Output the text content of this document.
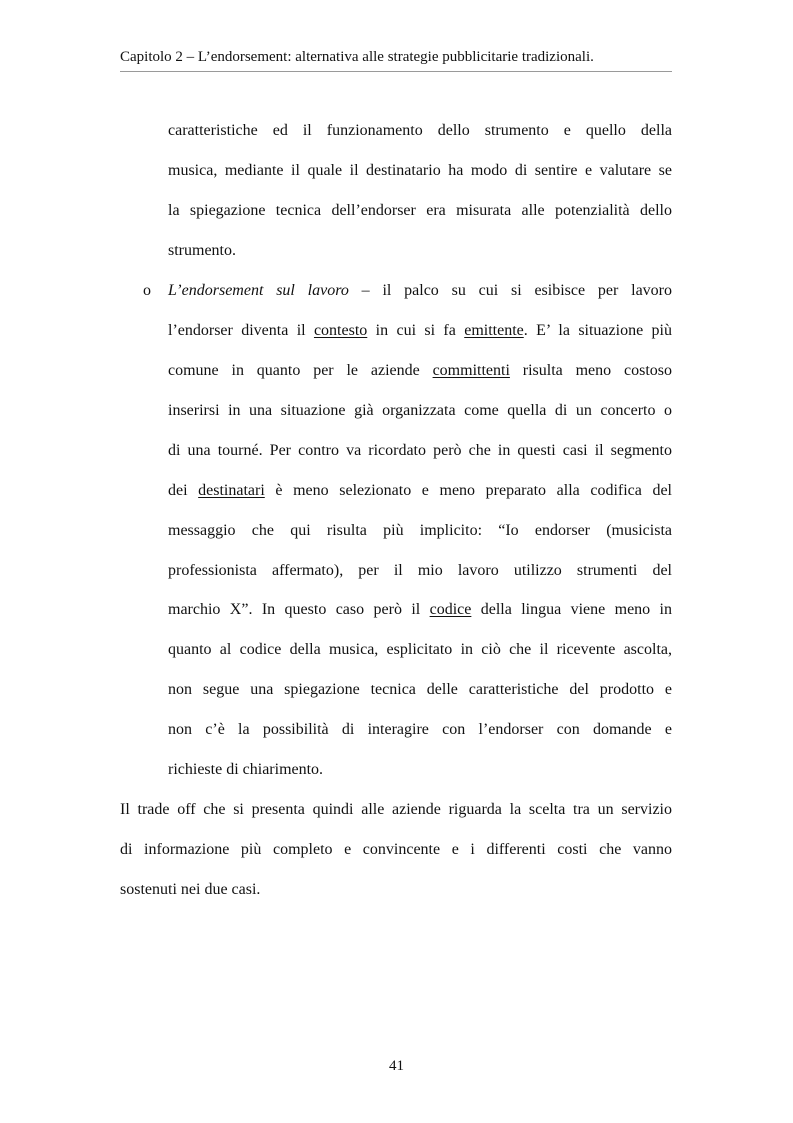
Capitolo 2 – L’endorsement: alternativa alle strategie pubblicitarie tradizionali.
caratteristiche ed il funzionamento dello strumento e quello della
musica, mediante il quale il destinatario ha modo di sentire e valutare se
la spiegazione tecnica dell’endorser era misurata alle potenzialità dello
strumento.
o L’endorsement sul lavoro – il palco su cui si esibisce per lavoro
l’endorser diventa il contesto in cui si fa emittente. E’ la situazione più
comune in quanto per le aziende committenti risulta meno costoso
inserirsi in una situazione già organizzata come quella di un concerto o
di una tourné. Per contro va ricordato però che in questi casi il segmento
dei destinatari è meno selezionato e meno preparato alla codifica del
messaggio che qui risulta più implicito: “Io endorser (musicista
professionista affermato), per il mio lavoro utilizzo strumenti del
marchio X”. In questo caso però il codice della lingua viene meno in
quanto al codice della musica, esplicitato in ciò che il ricevente ascolta,
non segue una spiegazione tecnica delle caratteristiche del prodotto e
non c’è la possibilità di interagire con l’endorser con domande e
richieste di chiarimento.
Il trade off che si presenta quindi alle aziende riguarda la scelta tra un servizio
di informazione più completo e convincente e i differenti costi che vanno
sostenuti nei due casi.
41
